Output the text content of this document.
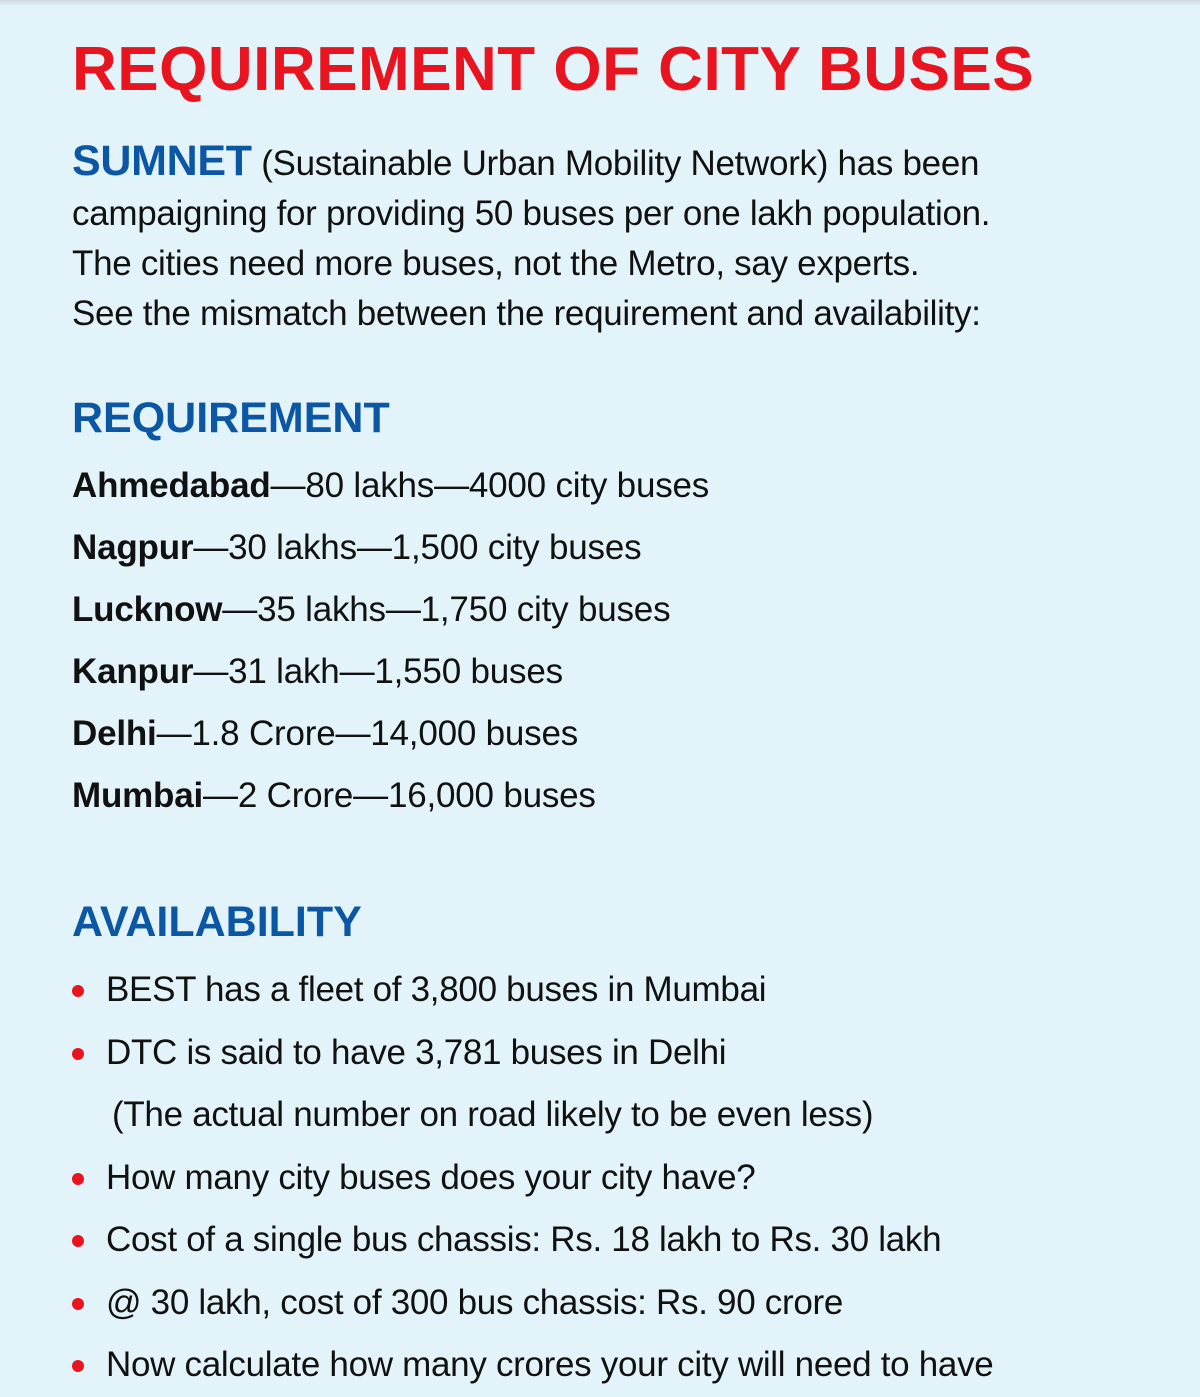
REQUIREMENT OF CITY BUSES
SUMNET (Sustainable Urban Mobility Network) has been
campaigning for providing 50 buses per one lakh population.
The cities need more buses, not the Metro, say experts.
See the mismatch between the requirement and availability:
REQUIREMENT
Ahmedabad—80 lakhs—4000 city buses
Nagpur—30 lakhs—1,500 city buses
Lucknow—35 lakhs—1,750 city buses
Kanpur—31 lakh—1,550 buses
Delhi—1.8 Crore—14,000 buses
Mumbai—2 Crore—16,000 buses
AVAILABILITY
BEST has a fleet of 3,800 buses in Mumbai
DTC is said to have 3,781 buses in Delhi
(The actual number on road likely to be even less)
How many city buses does your city have?
Cost of a single bus chassis: Rs. 18 lakh to Rs. 30 lakh
@ 30 lakh, cost of 300 bus chassis: Rs. 90 crore
Now calculate how many crores your city will need to have
